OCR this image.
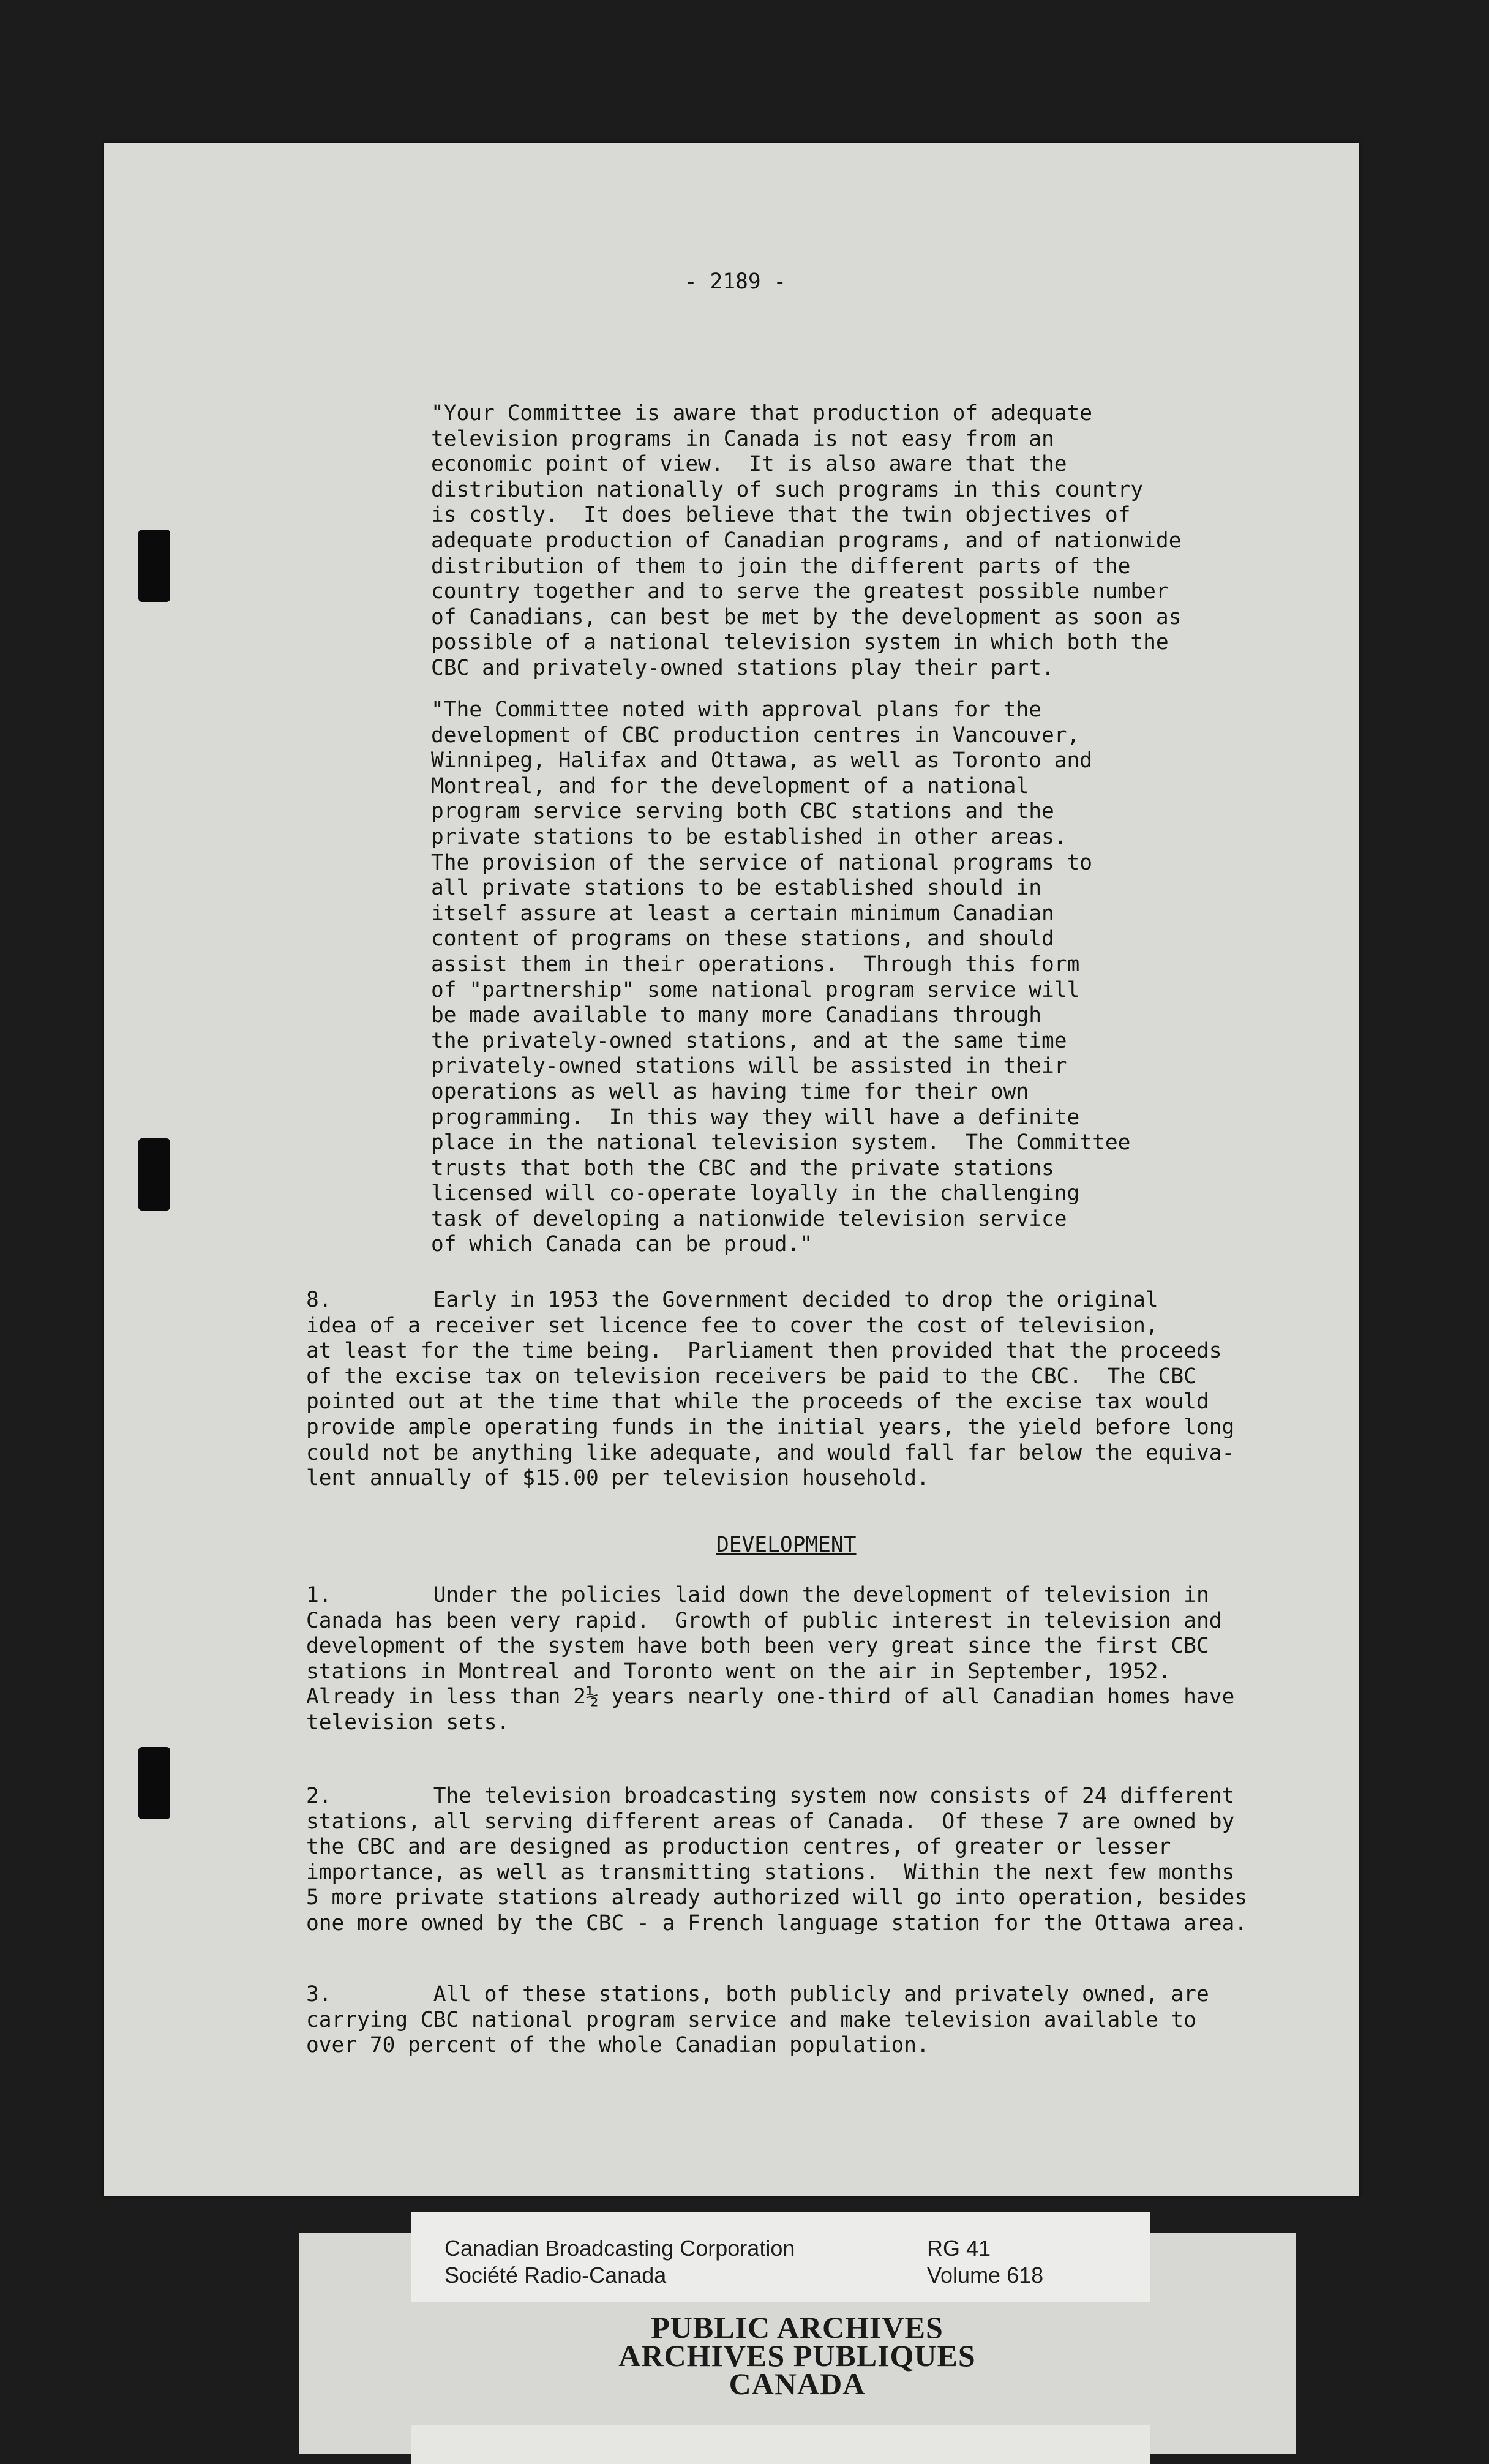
- 2189 -

"Your Committee is aware that production of adequate
television programs in Canada is not easy from an
economic point of view.  It is also aware that the
distribution nationally of such programs in this country
is costly.  It does believe that the twin objectives of
adequate production of Canadian programs, and of nationwide
distribution of them to join the different parts of the
country together and to serve the greatest possible number
of Canadians, can best be met by the development as soon as
possible of a national television system in which both the
CBC and privately-owned stations play their part.

"The Committee noted with approval plans for the
development of CBC production centres in Vancouver,
Winnipeg, Halifax and Ottawa, as well as Toronto and
Montreal, and for the development of a national
program service serving both CBC stations and the
private stations to be established in other areas.
The provision of the service of national programs to
all private stations to be established should in
itself assure at least a certain minimum Canadian
content of programs on these stations, and should
assist them in their operations.  Through this form
of "partnership" some national program service will
be made available to many more Canadians through
the privately-owned stations, and at the same time
privately-owned stations will be assisted in their
operations as well as having time for their own
programming.  In this way they will have a definite
place in the national television system.  The Committee
trusts that both the CBC and the private stations
licensed will co-operate loyally in the challenging
task of developing a nationwide television service
of which Canada can be proud."

8.        Early in 1953 the Government decided to drop the original
idea of a receiver set licence fee to cover the cost of television,
at least for the time being.  Parliament then provided that the proceeds
of the excise tax on television receivers be paid to the CBC.  The CBC
pointed out at the time that while the proceeds of the excise tax would
provide ample operating funds in the initial years, the yield before long
could not be anything like adequate, and would fall far below the equiva-
lent annually of $15.00 per television household.

DEVELOPMENT

1.        Under the policies laid down the development of television in
Canada has been very rapid.  Growth of public interest in television and
development of the system have both been very great since the first CBC
stations in Montreal and Toronto went on the air in September, 1952.
Already in less than 2½ years nearly one-third of all Canadian homes have
television sets.

2.        The television broadcasting system now consists of 24 different
stations, all serving different areas of Canada.  Of these 7 are owned by
the CBC and are designed as production centres, of greater or lesser
importance, as well as transmitting stations.  Within the next few months
5 more private stations already authorized will go into operation, besides
one more owned by the CBC - a French language station for the Ottawa area.

3.        All of these stations, both publicly and privately owned, are
carrying CBC national program service and make television available to
over 70 percent of the whole Canadian population.

Canadian Broadcasting Corporation

Société Radio-Canada

RG 41

Volume 618

PUBLIC ARCHIVES
ARCHIVES PUBLIQUES
CANADA
